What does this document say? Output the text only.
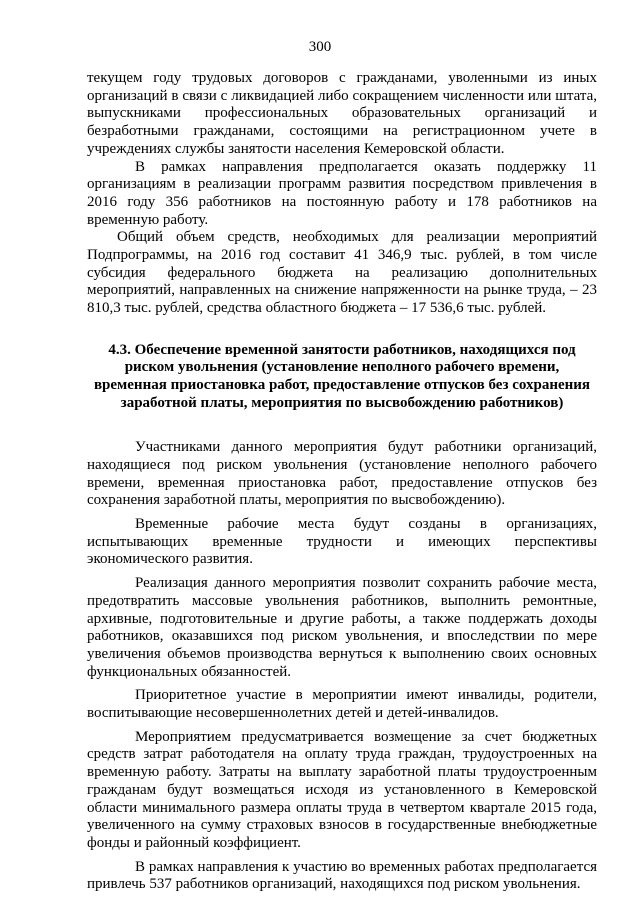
300

текущем году трудовых договоров с гражданами, уволенными из иных организаций в связи с ликвидацией либо сокращением численности или штата, выпускниками профессиональных образовательных организаций и безработными гражданами, состоящими на регистрационном учете в учреждениях службы занятости населения Кемеровской области.

В рамках направления предполагается оказать поддержку 11 организациям в реализации программ развития посредством привлечения в 2016 году 356 работников на постоянную работу и 178 работников на временную работу.

Общий объем средств, необходимых для реализации мероприятий Подпрограммы, на 2016 год составит 41 346,9 тыс. рублей, в том числе субсидия федерального бюджета на реализацию дополнительных мероприятий, направленных на снижение напряженности на рынке труда, – 23 810,3 тыс. рублей, средства областного бюджета – 17 536,6 тыс. рублей.

4.3. Обеспечение временной занятости работников, находящихся под риском увольнения (установление неполного рабочего времени, временная приостановка работ, предоставление отпусков без сохранения заработной платы, мероприятия по высвобождению работников)

Участниками данного мероприятия будут работники организаций, находящиеся под риском увольнения (установление неполного рабочего времени, временная приостановка работ, предоставление отпусков без сохранения заработной платы, мероприятия по высвобождению).

Временные рабочие места будут созданы в организациях, испытывающих временные трудности и имеющих перспективы экономического развития.

Реализация данного мероприятия позволит сохранить рабочие места, предотвратить массовые увольнения работников, выполнить ремонтные, архивные, подготовительные и другие работы, а также поддержать доходы работников, оказавшихся под риском увольнения, и впоследствии по мере увеличения объемов производства вернуться к выполнению своих основных функциональных обязанностей.

Приоритетное участие в мероприятии имеют инвалиды, родители, воспитывающие несовершеннолетних детей и детей-инвалидов.

Мероприятием предусматривается возмещение за счет бюджетных средств затрат работодателя на оплату труда граждан, трудоустроенных на временную работу. Затраты на выплату заработной платы трудоустроенным гражданам будут возмещаться исходя из установленного в Кемеровской области минимального размера оплаты труда в четвертом квартале 2015 года, увеличенного на сумму страховых взносов в государственные внебюджетные фонды и районный коэффициент.

В рамках направления к участию во временных работах предполагается привлечь 537 работников организаций, находящихся под риском увольнения.
